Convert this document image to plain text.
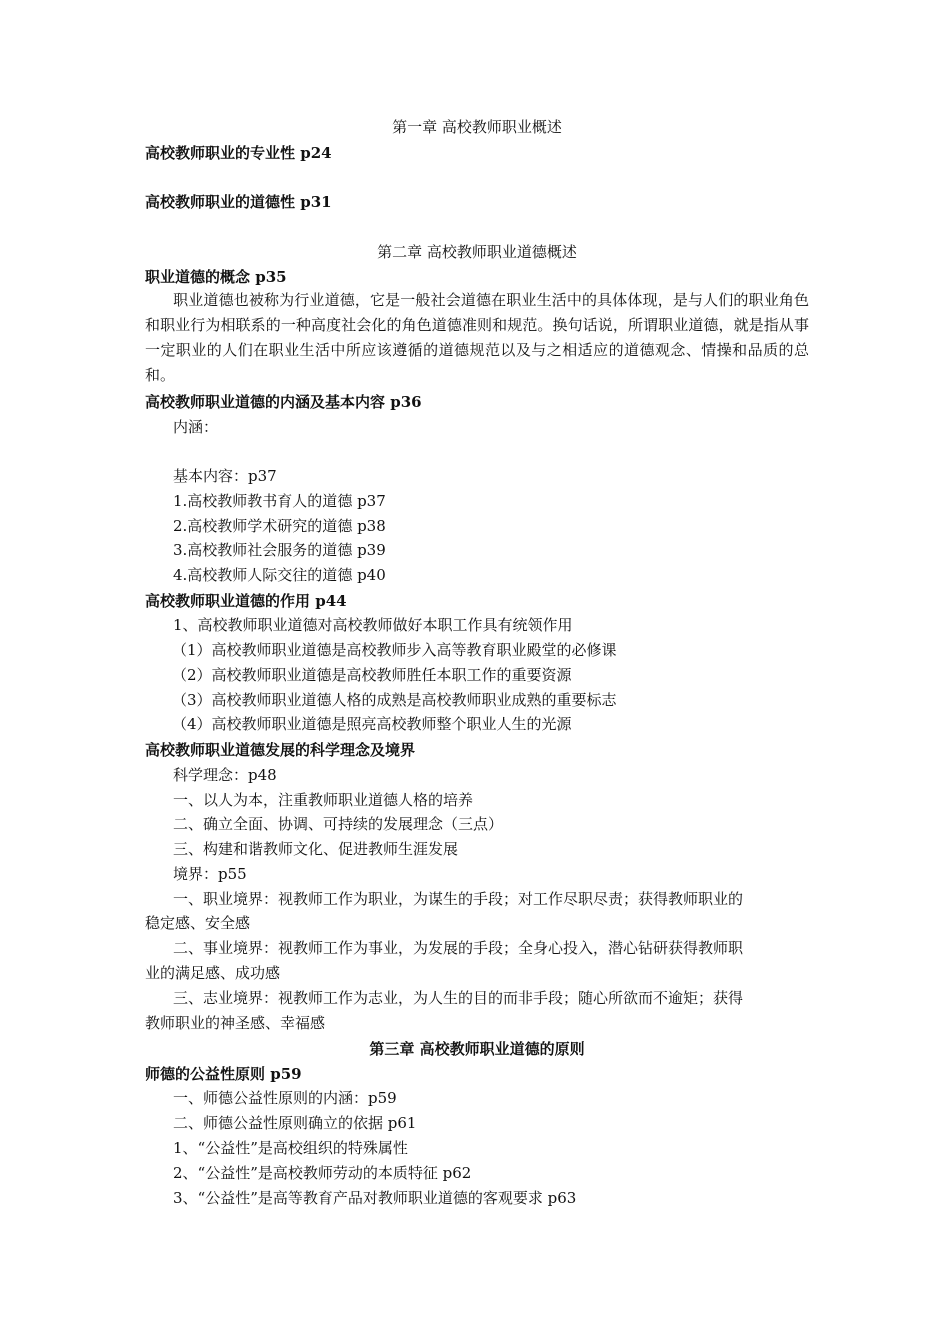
第一章 高校教师职业概述
高校教师职业的专业性 p24
高校教师职业的道德性 p31
第二章 高校教师职业道德概述
职业道德的概念 p35
职业道德也被称为行业道德，它是一般社会道德在职业生活中的具体体现，是与人们的职业角色和职业行为相联系的一种高度社会化的角色道德准则和规范。换句话说，所谓职业道德，就是指从事一定职业的人们在职业生活中所应该遵循的道德规范以及与之相适应的道德观念、情操和品质的总和。
高校教师职业道德的内涵及基本内容 p36
内涵：
基本内容：p37
1.高校教师教书育人的道德 p37
2.高校教师学术研究的道德 p38
3.高校教师社会服务的道德 p39
4.高校教师人际交往的道德 p40
高校教师职业道德的作用 p44
1、高校教师职业道德对高校教师做好本职工作具有统领作用
（1）高校教师职业道德是高校教师步入高等教育职业殿堂的必修课
（2）高校教师职业道德是高校教师胜任本职工作的重要资源
（3）高校教师职业道德人格的成熟是高校教师职业成熟的重要标志
（4）高校教师职业道德是照亮高校教师整个职业人生的光源
高校教师职业道德发展的科学理念及境界
科学理念：p48
一、以人为本，注重教师职业道德人格的培养
二、确立全面、协调、可持续的发展理念（三点）
三、构建和谐教师文化、促进教师生涯发展
境界：p55
一、职业境界：视教师工作为职业，为谋生的手段；对工作尽职尽责；获得教师职业的
稳定感、安全感
二、事业境界：视教师工作为事业，为发展的手段；全身心投入，潜心钻研获得教师职
业的满足感、成功感
三、志业境界：视教师工作为志业，为人生的目的而非手段；随心所欲而不逾矩；获得
教师职业的神圣感、幸福感
第三章 高校教师职业道德的原则
师德的公益性原则 p59
一、师德公益性原则的内涵：p59
二、师德公益性原则确立的依据 p61
1、“公益性”是高校组织的特殊属性
2、“公益性”是高校教师劳动的本质特征 p62
3、“公益性”是高等教育产品对教师职业道德的客观要求 p63
